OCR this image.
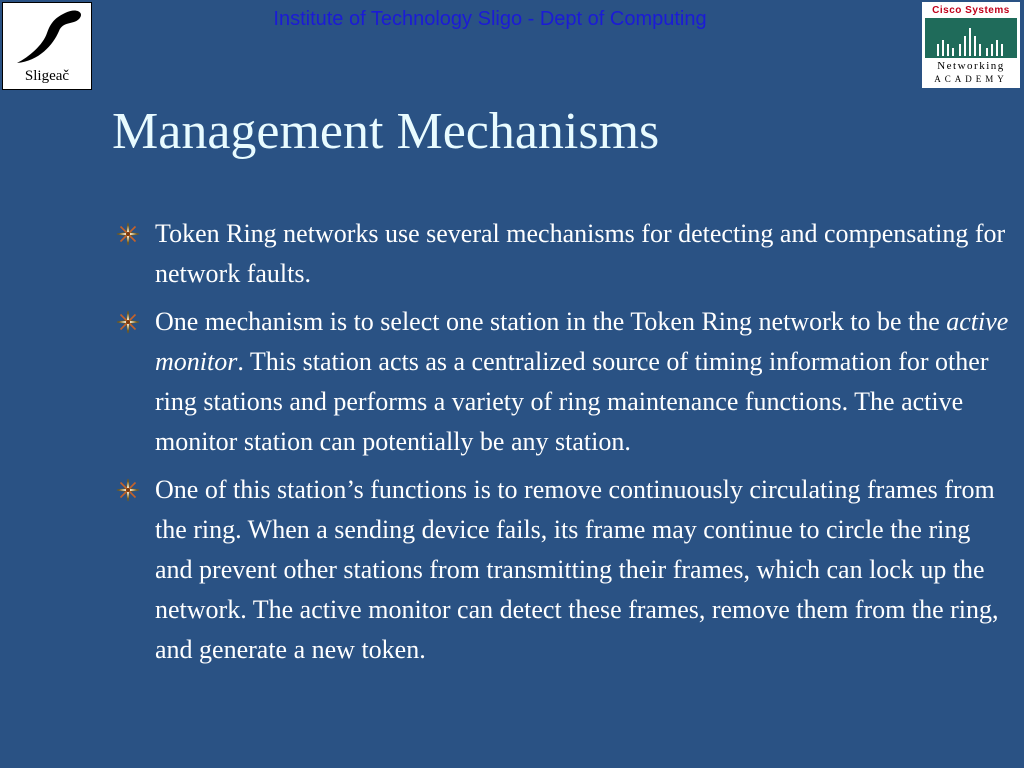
Institute of Technology Sligo - Dept of Computing
Sligeač
Cisco Systems
Networking
ACADEMY
Management Mechanisms
Token Ring networks use several mechanisms for detecting and compensating for network faults.
One mechanism is to select one station in the Token Ring network to be the active monitor. This station acts as a centralized source of timing information for other ring stations and performs a variety of ring maintenance functions. The active monitor station can potentially be any station.
One of this station’s functions is to remove continuously circulating frames from the ring. When a sending device fails, its frame may continue to circle the ring and prevent other stations from transmitting their frames, which can lock up the network. The active monitor can detect these frames, remove them from the ring, and generate a new token.
